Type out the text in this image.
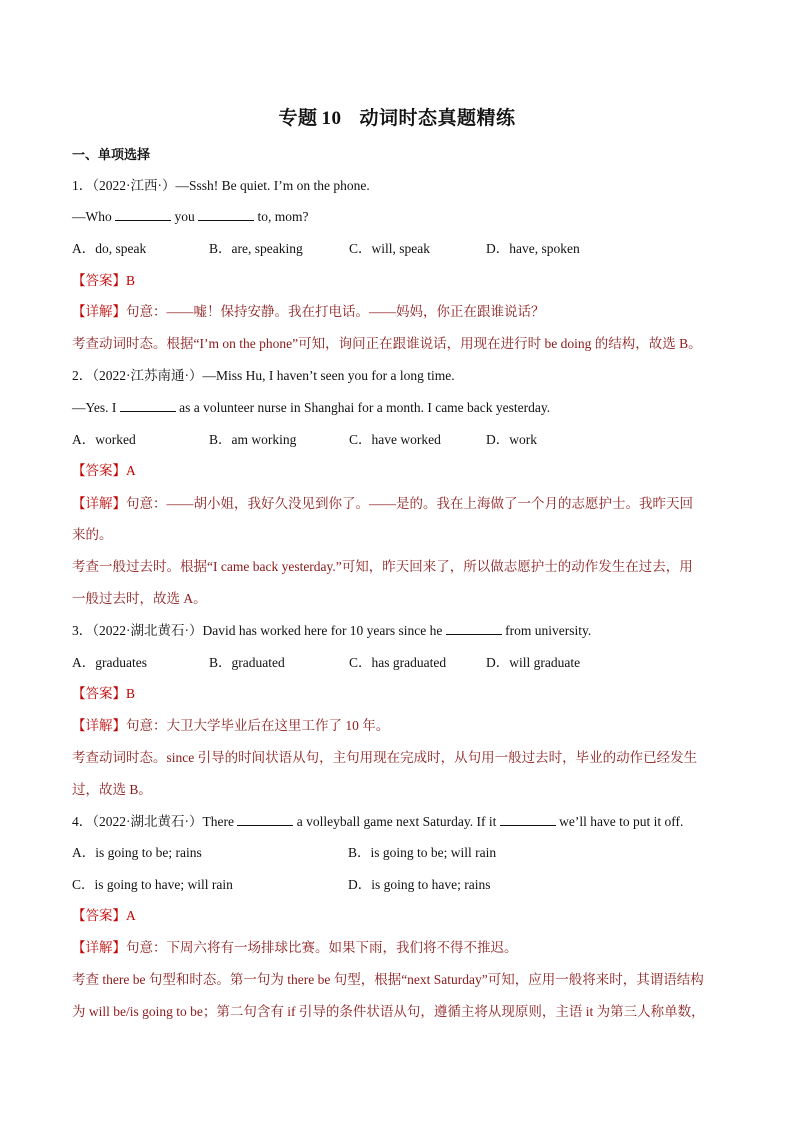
专题 10 动词时态真题精练
一、单项选择
1．（2022·江西·）—Sssh! Be quiet. I’m on the phone.
—Who	you	to, mom?
A．do, speak	B．are, speaking	C．will, speak	D．have, spoken
【答案】B
【详解】句意：——嘘！保持安静。我在打电话。——妈妈，你正在跟谁说话？
考查动词时态。根据“I’m on the phone”可知，询问正在跟谁说话，用现在进行时 be doing 的结构，故选 B。
2．（2022·江苏南通·）—Miss Hu, I haven’t seen you for a long time.
—Yes. I	as a volunteer nurse in Shanghai for a month. I came back yesterday.
A．worked	B．am working	C．have worked	D．work
【答案】A
【详解】句意：——胡小姐，我好久没见到你了。——是的。我在上海做了一个月的志愿护士。我昨天回
来的。
考查一般过去时。根据“I came back yesterday.”可知，昨天回来了，所以做志愿护士的动作发生在过去，用
一般过去时，故选 A。
3．（2022·湖北黄石·）David has worked here for 10 years since he	from university.
A．graduates	B．graduated	C．has graduated	D．will graduate
【答案】B
【详解】句意：大卫大学毕业后在这里工作了 10 年。
考查动词时态。since 引导的时间状语从句，主句用现在完成时，从句用一般过去时，毕业的动作已经发生
过，故选 B。
4．（2022·湖北黄石·）There	a volleyball game next Saturday. If it	we’ll have to put it off.
A．is going to be; rains	B．is going to be; will rain
C．is going to have; will rain	D．is going to have; rains
【答案】A
【详解】句意：下周六将有一场排球比赛。如果下雨，我们将不得不推迟。
考查 there be 句型和时态。第一句为 there be 句型，根据“next Saturday”可知，应用一般将来时，其谓语结构
为 will be/is going to be；第二句含有 if 引导的条件状语从句，遵循主将从现原则，主语 it 为第三人称单数，
